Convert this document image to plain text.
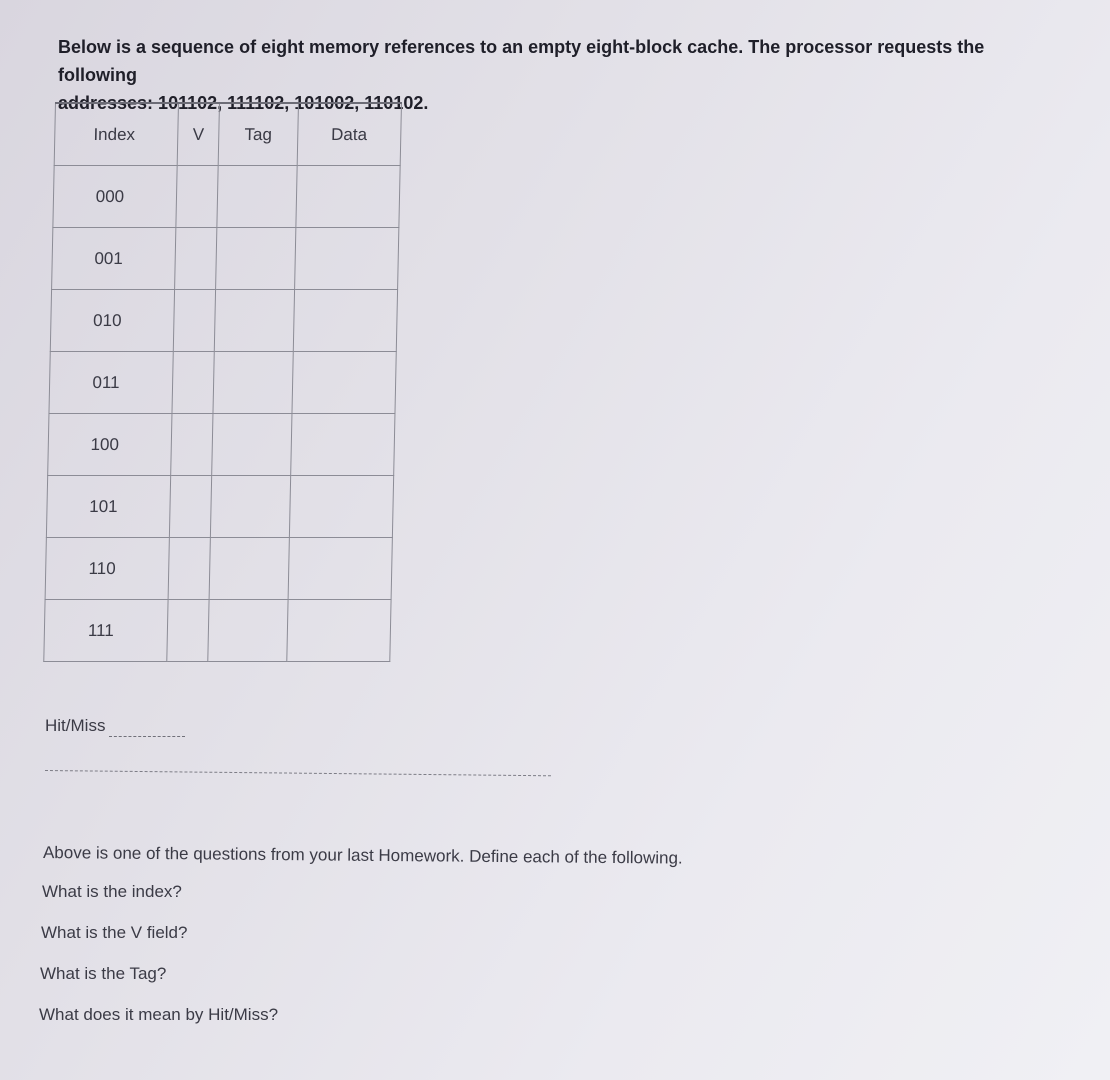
Below is a sequence of eight memory references to an empty eight-block cache. The processor requests the following
addresses: 101102, 111102, 101002, 110102.
Index	V	Tag	Data
000			
001			
010			
011			
100			
101			
110			
111			
Hit/Miss
Above is one of the questions from your last Homework. Define each of the following.
What is the index?
What is the V field?
What is the Tag?
What does it mean by Hit/Miss?
